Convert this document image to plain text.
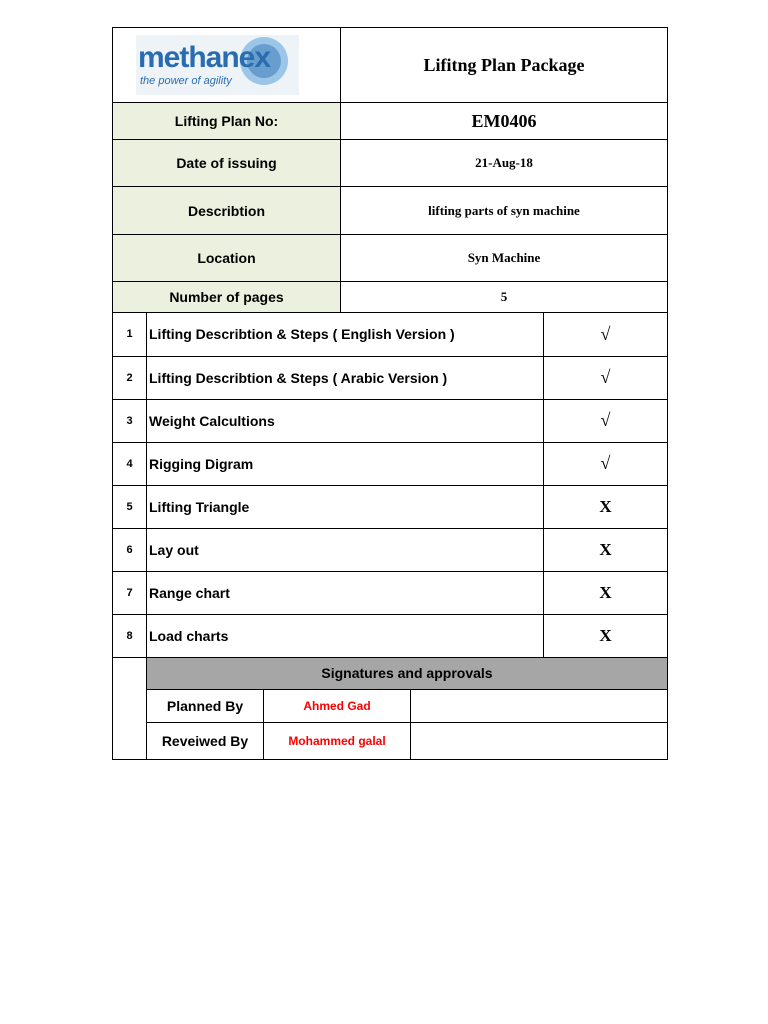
methanex
the power of agility	Lifitng Plan Package
Lifting Plan No:	EM0406
Date of issuing	21-Aug-18
Describtion	lifting parts of syn machine
Location	Syn Machine
Number of pages	5
1	Lifting Describtion & Steps ( English Version )	√
2	Lifting Describtion & Steps ( Arabic Version )	√
3	Weight Calcultions	√
4	Rigging Digram	√
5	Lifting Triangle	X
6	Lay out	X
7	Range chart	X
8	Load charts	X
	Signatures and approvals		
	Planned By	Ahmed Gad	
	Reveiwed By	Mohammed galal	
